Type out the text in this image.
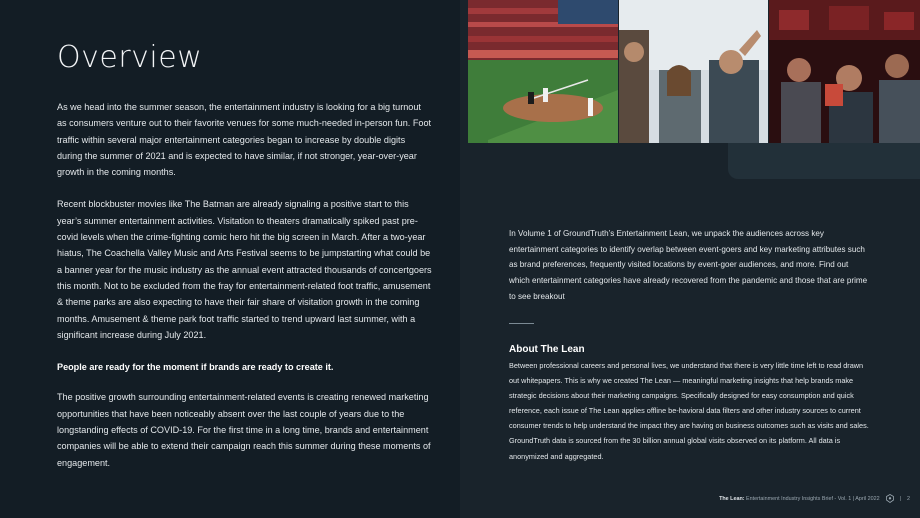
Overview

As we head into the summer season, the entertainment industry is looking for a big turnout as consumers venture out to their favorite venues for some much-needed in-person fun. Foot traffic within several major entertainment categories began to increase by double digits during the summer of 2021 and is expected to have similar, if not stronger, year-over-year growth in the coming months.

Recent blockbuster movies like The Batman are already signaling a positive start to this year’s summer entertainment activities. Visitation to theaters dramatically spiked past pre-covid levels when the crime-fighting comic hero hit the big screen in March. After a two-year hiatus, The Coachella Valley Music and Arts Festival seems to be jumpstarting what could be a banner year for the music industry as the annual event attracted thousands of concertgoers this month. Not to be excluded from the fray for entertainment-related foot traffic, amusement & theme parks are also expecting to have their fair share of visitation growth in the coming months. Amusement & theme park foot traffic started to trend upward last summer, with a significant increase during July 2021.

People are ready for the moment if brands are ready to create it.

The positive growth surrounding entertainment-related events is creating renewed marketing opportunities that have been noticeably absent over the last couple of years due to the longstanding effects of COVID-19. For the first time in a long time, brands and entertainment companies will be able to extend their campaign reach this summer during these moments of engagement.

In Volume 1 of GroundTruth’s Entertainment Lean, we unpack the audiences across key entertainment categories to identify overlap between event-goers and key marketing attributes such as brand preferences, frequently visited locations by event-goer audiences, and more. Find out which entertainment categories have already recovered from the pandemic and those that are prime to see breakout

About The Lean

Between professional careers and personal lives, we understand that there is very little time left to read drawn out whitepapers. This is why we created The Lean — meaningful marketing insights that help brands make strategic decisions about their marketing campaigns. Specifically designed for easy consumption and quick reference, each issue of The Lean applies offline be-havioral data filters and other industry sources to current consumer trends to help understand the impact they are having on business outcomes such as visits and sales. GroundTruth data is sourced from the 30 billion annual global visits observed on its platform. All data is anonymized and aggregated.

The Lean: Entertainment Industry Insights Brief - Vol. 1 | April 2022	| 2
